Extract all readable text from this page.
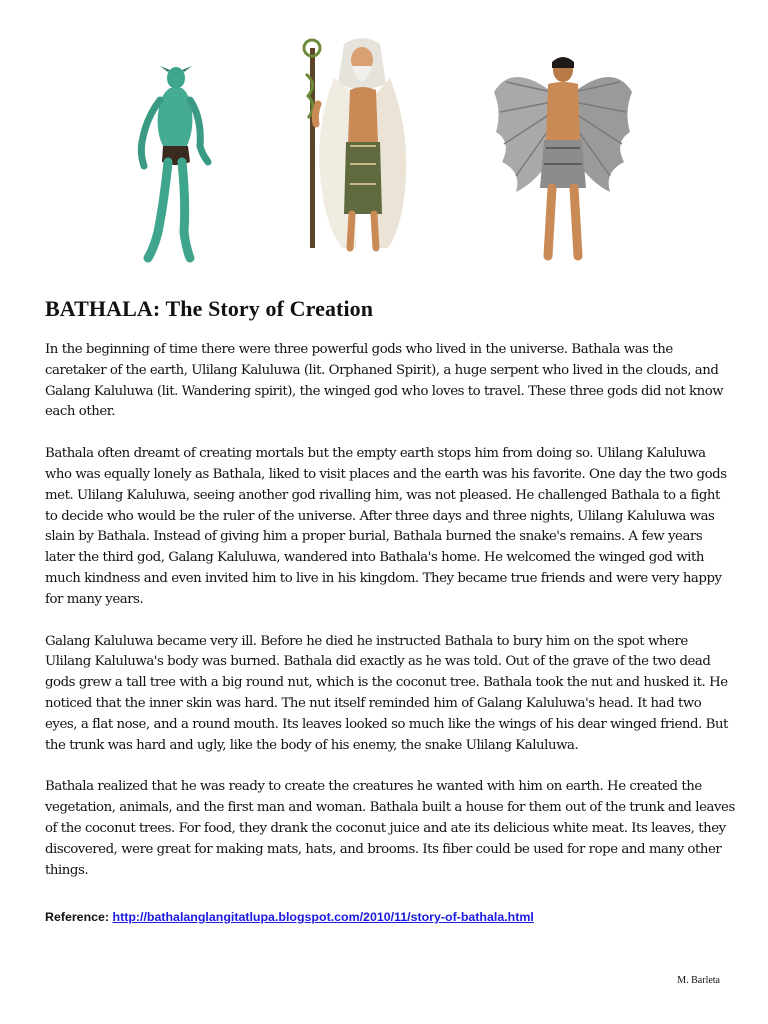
BATHALA: The Story of Creation

In the beginning of time there were three powerful gods who lived in the universe. Bathala was the caretaker of the earth, Ulilang Kaluluwa (lit. Orphaned Spirit), a huge serpent who lived in the clouds, and Galang Kaluluwa (lit. Wandering spirit), the winged god who loves to travel. These three gods did not know each other.

Bathala often dreamt of creating mortals but the empty earth stops him from doing so. Ulilang Kaluluwa who was equally lonely as Bathala, liked to visit places and the earth was his favorite. One day the two gods met. Ulilang Kaluluwa, seeing another god rivalling him, was not pleased. He challenged Bathala to a fight to decide who would be the ruler of the universe. After three days and three nights, Ulilang Kaluluwa was slain by Bathala. Instead of giving him a proper burial, Bathala burned the snake's remains. A few years later the third god, Galang Kaluluwa, wandered into Bathala's home. He welcomed the winged god with much kindness and even invited him to live in his kingdom. They became true friends and were very happy for many years.

Galang Kaluluwa became very ill. Before he died he instructed Bathala to bury him on the spot where Ulilang Kaluluwa's body was burned. Bathala did exactly as he was told. Out of the grave of the two dead gods grew a tall tree with a big round nut, which is the coconut tree. Bathala took the nut and husked it. He noticed that the inner skin was hard. The nut itself reminded him of Galang Kaluluwa's head. It had two eyes, a flat nose, and a round mouth. Its leaves looked so much like the wings of his dear winged friend. But the trunk was hard and ugly, like the body of his enemy, the snake Ulilang Kaluluwa.

Bathala realized that he was ready to create the creatures he wanted with him on earth. He created the vegetation, animals, and the first man and woman. Bathala built a house for them out of the trunk and leaves of the coconut trees. For food, they drank the coconut juice and ate its delicious white meat. Its leaves, they discovered, were great for making mats, hats, and brooms. Its fiber could be used for rope and many other things.

Reference: http://bathalanglangitatlupa.blogspot.com/2010/11/story-of-bathala.html

M. Barleta
